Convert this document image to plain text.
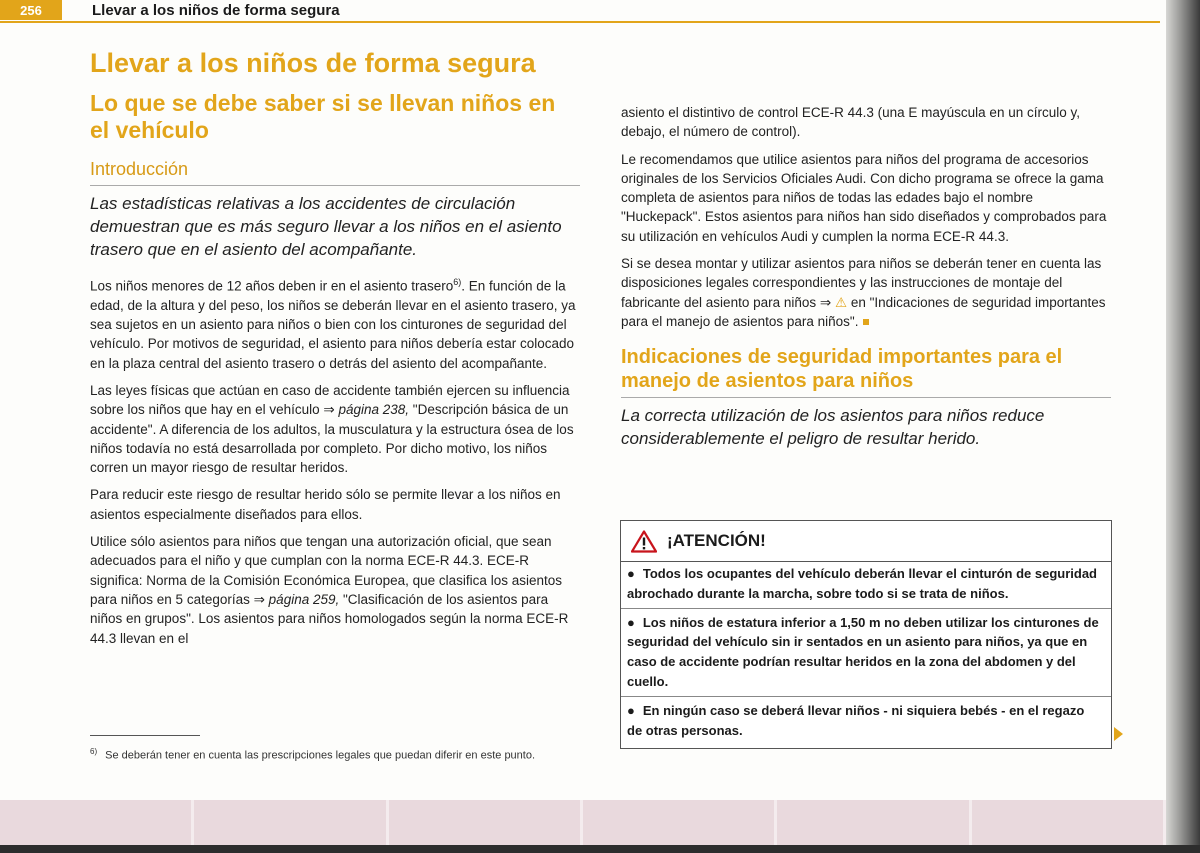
256	Llevar a los niños de forma segura
Llevar a los niños de forma segura
Lo que se debe saber si se llevan niños en el vehículo
Introducción

Las estadísticas relativas a los accidentes de circulación demuestran que es más seguro llevar a los niños en el asiento trasero que en el asiento del acompañante.

Los niños menores de 12 años deben ir en el asiento trasero$^{6)}$. En función de la edad, de la altura y del peso, los niños se deberán llevar en el asiento trasero, ya sea sujetos en un asiento para niños o bien con los cinturones de seguridad del vehículo. Por motivos de seguridad, el asiento para niños debería estar colocado en la plaza central del asiento trasero o detrás del asiento del acompañante.

Las leyes físicas que actúan en caso de accidente también ejercen su influencia sobre los niños que hay en el vehículo ⇒ página 238, "Descripción básica de un accidente". A diferencia de los adultos, la musculatura y la estructura ósea de los niños todavía no está desarrollada por completo. Por dicho motivo, los niños corren un mayor riesgo de resultar heridos.

Para reducir este riesgo de resultar herido sólo se permite llevar a los niños en asientos especialmente diseñados para ellos.

Utilice sólo asientos para niños que tengan una autorización oficial, que sean adecuados para el niño y que cumplan con la norma ECE-R 44.3. ECE-R significa: Norma de la Comisión Económica Europea, que clasifica los asientos para niños en 5 categorías ⇒ página 259, "Clasificación de los asientos para niños en grupos". Los asientos para niños homologados según la norma ECE-R 44.3 llevan en el

$^{6)}$ Se deberán tener en cuenta las prescripciones legales que puedan diferir en este punto.

asiento el distintivo de control ECE-R 44.3 (una E mayúscula en un círculo y, debajo, el número de control).

Le recomendamos que utilice asientos para niños del programa de accesorios originales de los Servicios Oficiales Audi. Con dicho programa se ofrece la gama completa de asientos para niños de todas las edades bajo el nombre "Huckepack". Estos asientos para niños han sido diseñados y comprobados para su utilización en vehículos Audi y cumplen la norma ECE-R 44.3.

Si se desea montar y utilizar asientos para niños se deberán tener en cuenta las disposiciones legales correspondientes y las instrucciones de montaje del fabricante del asiento para niños ⇒ ⚠ en "Indicaciones de seguridad importantes para el manejo de asientos para niños".

Indicaciones de seguridad importantes para el manejo de asientos para niños

La correcta utilización de los asientos para niños reduce considerablemente el peligro de resultar herido.

¡ATENCIÓN!
● Todos los ocupantes del vehículo deberán llevar el cinturón de seguridad abrochado durante la marcha, sobre todo si se trata de niños.
● Los niños de estatura inferior a 1,50 m no deben utilizar los cinturones de seguridad del vehículo sin ir sentados en un asiento para niños, ya que en caso de accidente podrían resultar heridos en la zona del abdomen y del cuello.
● En ningún caso se deberá llevar niños - ni siquiera bebés - en el regazo de otras personas.
